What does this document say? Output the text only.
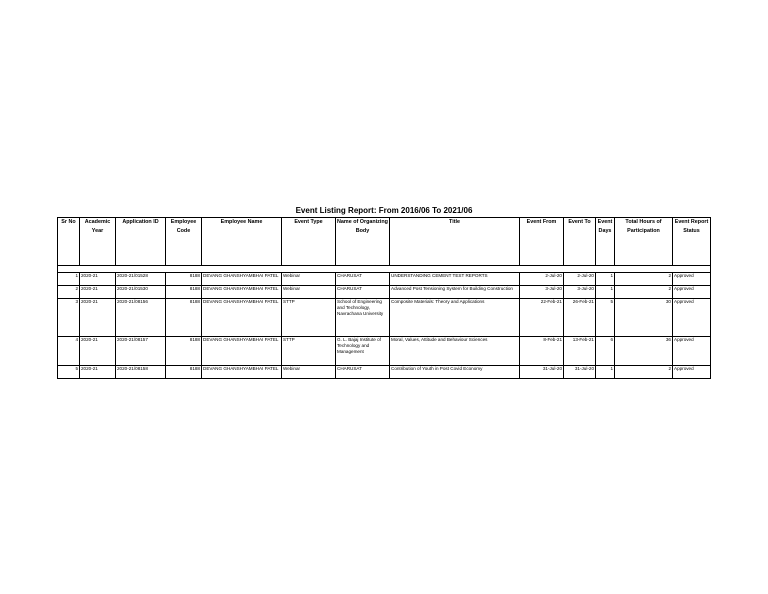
Event Listing Report: From 2016/06 To 2021/06
Sr No	Academic Year	Application ID	Employee Code	Employee Name	Event Type	Name of Organizing Body	Title	Event From	Event To	Event Days	Total Hours of Participation	Event Report Status

1	2020-21	2020-21/01528	8188	DEVANG GHANSHYAMBHAI PATEL	Webinar	CHARUSAT	UNDERSTANDING CEMENT TEST REPORTS	2-Jul-20	2-Jul-20	1	2	Approved
2	2020-21	2020-21/01530	8188	DEVANG GHANSHYAMBHAI PATEL	Webinar	CHARUSAT	Advanced Post Tensioning System for Building Construction	3-Jul-20	3-Jul-20	1	2	Approved
3	2020-21	2020-21/08156	8188	DEVANG GHANSHYAMBHAI PATEL	STTP	School of Engineering and Technology, Navrachana University	Composite Materials: Theory and Applications	22-Feb-21	26-Feb-21	5	30	Approved
4	2020-21	2020-21/08157	8188	DEVANG GHANSHYAMBHAI PATEL	STTP	G. L. Bajaj Institute of Technology and Management	Moral, Values, Attitude and Behaviour Sciences	8-Feb-21	13-Feb-21	6	36	Approved
5	2020-21	2020-21/08158	8188	DEVANG GHANSHYAMBHAI PATEL	Webinar	CHARUSAT	Contribution of Youth in Post Covid Economy	31-Jul-20	31-Jul-20	1	2	Approved
